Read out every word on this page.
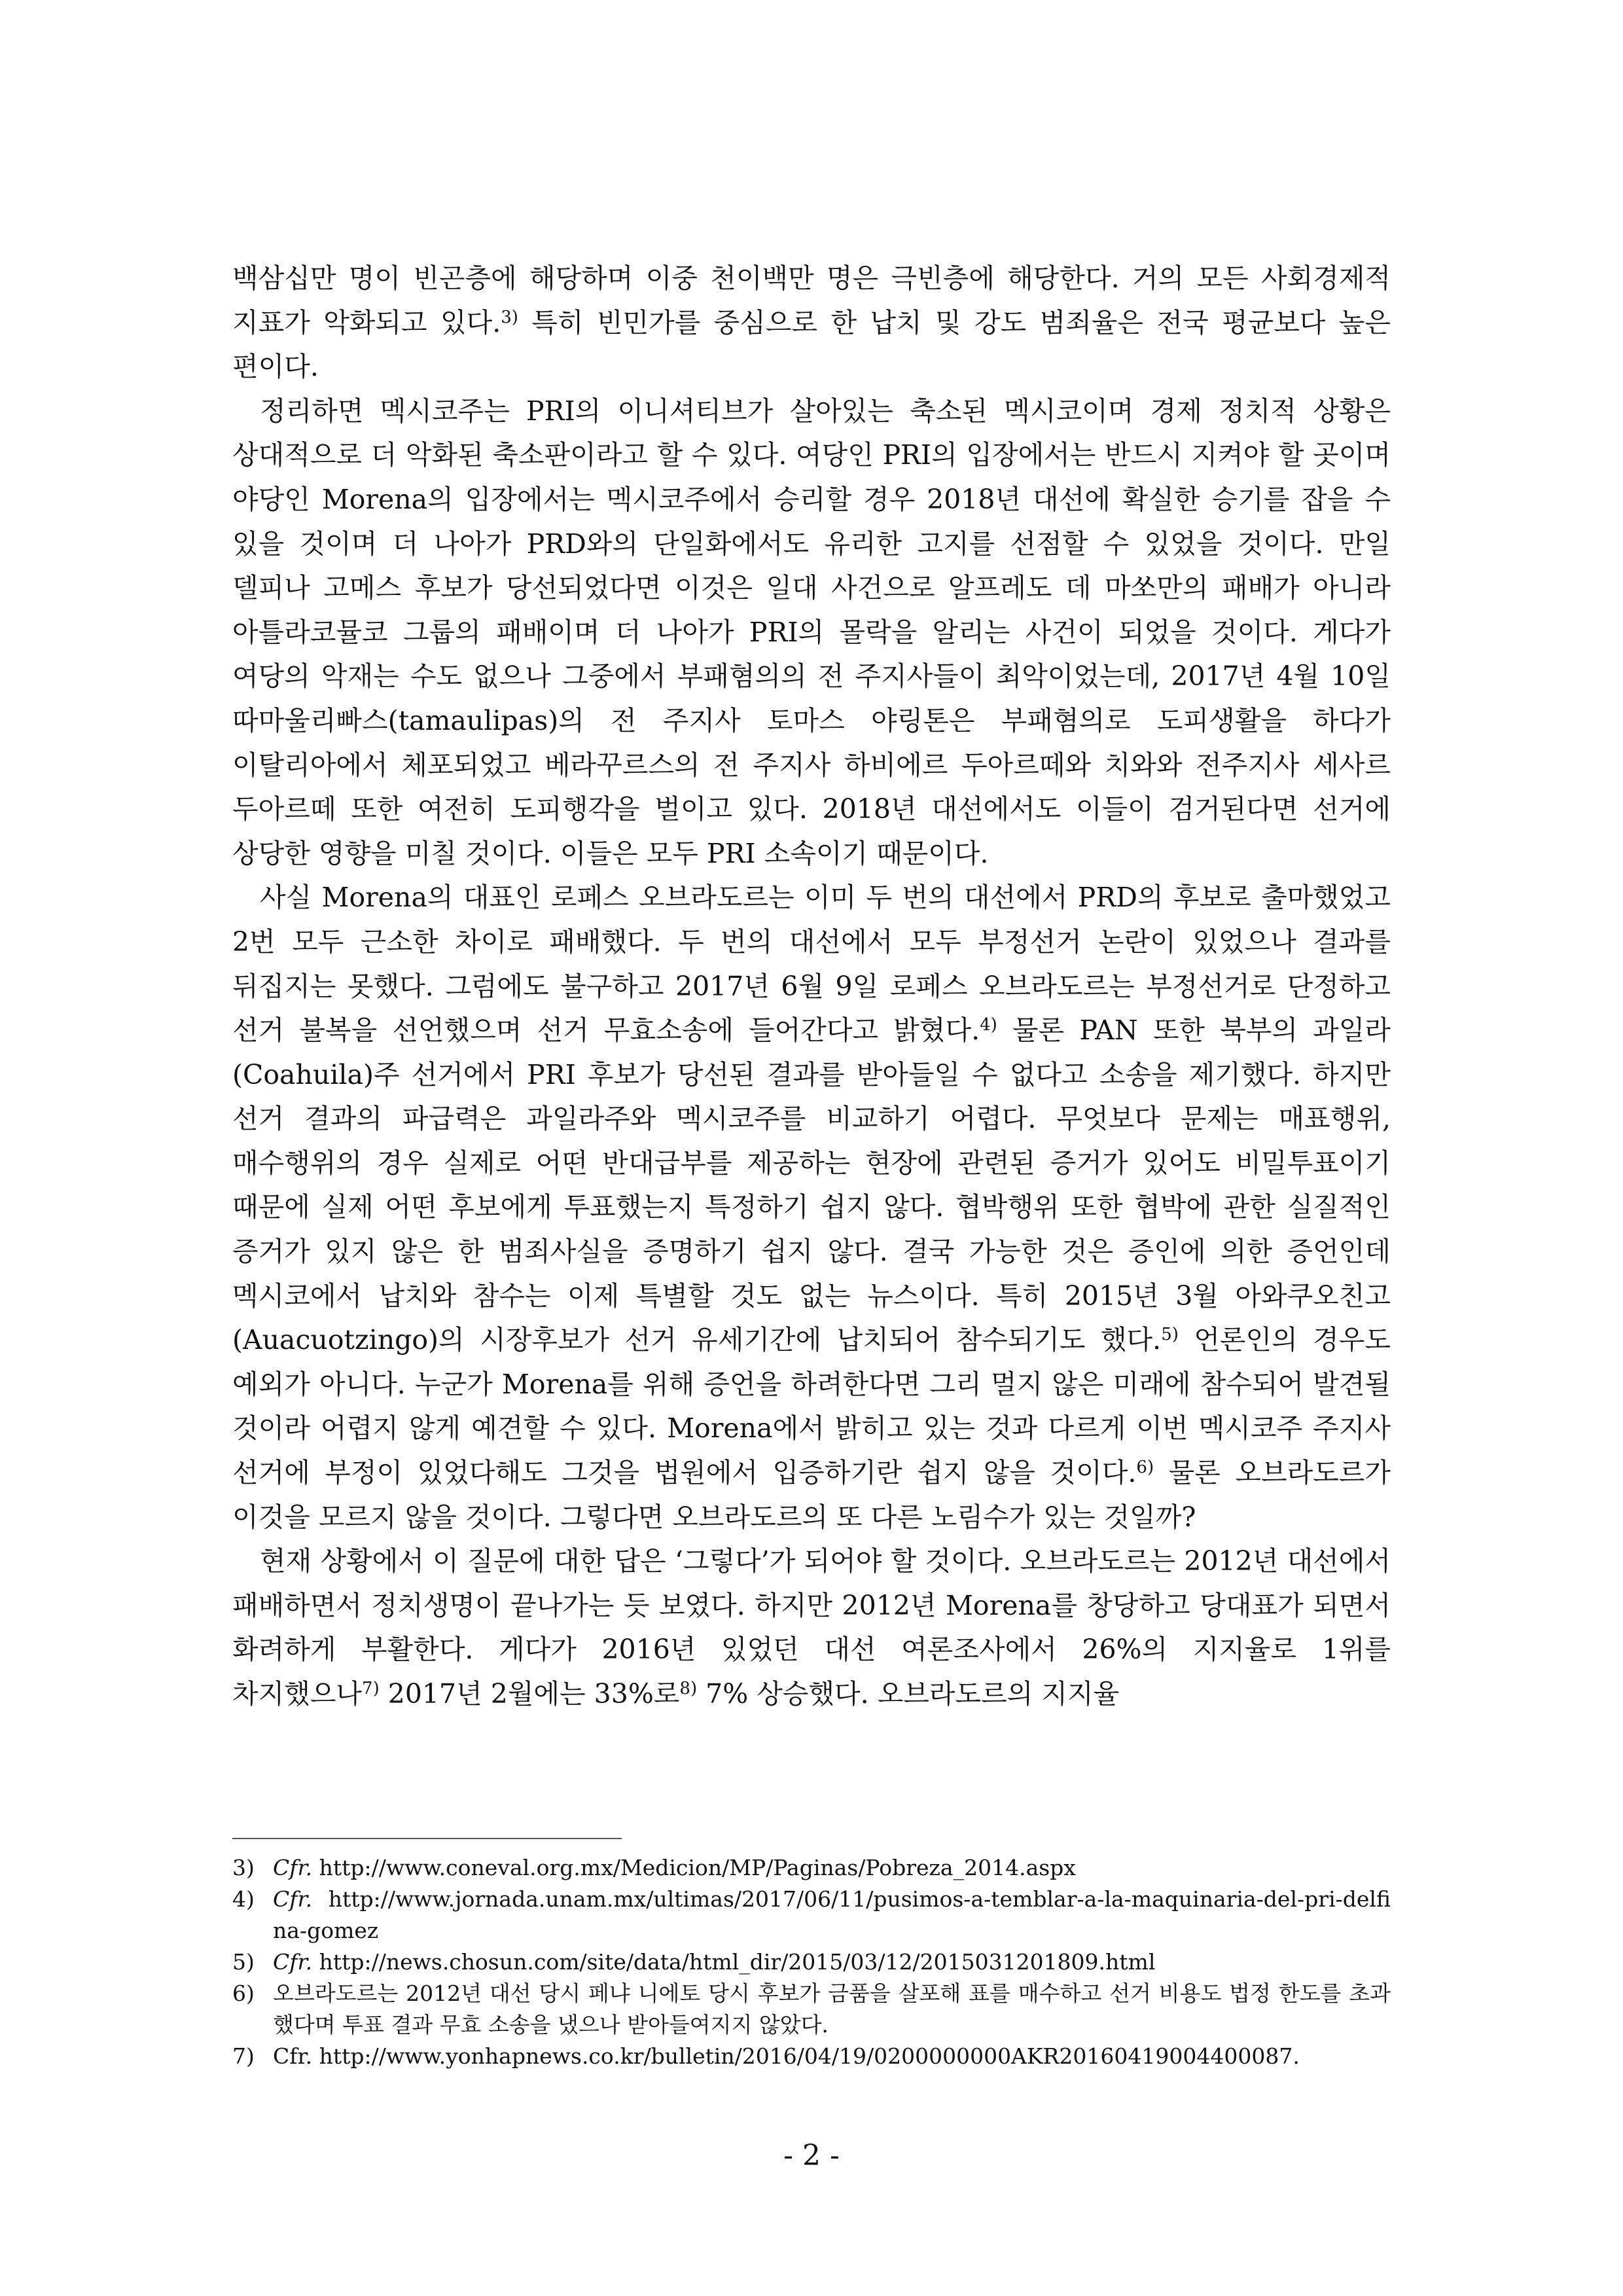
백삼십만 명이 빈곤층에 해당하며 이중 천이백만 명은 극빈층에 해당한다. 거의 모든 사회경제적 지표가 악화되고 있다.$^{3)}$ 특히 빈민가를 중심으로 한 납치 및 강도 범죄율은 전국 평균보다 높은 편이다.

정리하면 멕시코주는 PRI의 이니셔티브가 살아있는 축소된 멕시코이며 경제 정치적 상황은 상대적으로 더 악화된 축소판이라고 할 수 있다. 여당인 PRI의 입장에서는 반드시 지켜야 할 곳이며 야당인 Morena의 입장에서는 멕시코주에서 승리할 경우 2018년 대선에 확실한 승기를 잡을 수 있을 것이며 더 나아가 PRD와의 단일화에서도 유리한 고지를 선점할 수 있었을 것이다. 만일 델피나 고메스 후보가 당선되었다면 이것은 일대 사건으로 알프레도 데 마쏘만의 패배가 아니라 아틀라코뮬코 그룹의 패배이며 더 나아가 PRI의 몰락을 알리는 사건이 되었을 것이다. 게다가 여당의 악재는 수도 없으나 그중에서 부패혐의의 전 주지사들이 최악이었는데, 2017년 4월 10일 따마울리빠스(tamaulipas)의 전 주지사 토마스 야링톤은 부패혐의로 도피생활을 하다가 이탈리아에서 체포되었고 베라꾸르스의 전 주지사 하비에르 두아르떼와 치와와 전주지사 세사르 두아르떼 또한 여전히 도피행각을 벌이고 있다. 2018년 대선에서도 이들이 검거된다면 선거에 상당한 영향을 미칠 것이다. 이들은 모두 PRI 소속이기 때문이다.

사실 Morena의 대표인 로페스 오브라도르는 이미 두 번의 대선에서 PRD의 후보로 출마했었고 2번 모두 근소한 차이로 패배했다. 두 번의 대선에서 모두 부정선거 논란이 있었으나 결과를 뒤집지는 못했다. 그럼에도 불구하고 2017년 6월 9일 로페스 오브라도르는 부정선거로 단정하고 선거 불복을 선언했으며 선거 무효소송에 들어간다고 밝혔다.$^{4)}$ 물론 PAN 또한 북부의 과일라(Coahuila)주 선거에서 PRI 후보가 당선된 결과를 받아들일 수 없다고 소송을 제기했다. 하지만 선거 결과의 파급력은 과일라주와 멕시코주를 비교하기 어렵다. 무엇보다 문제는 매표행위, 매수행위의 경우 실제로 어떤 반대급부를 제공하는 현장에 관련된 증거가 있어도 비밀투표이기 때문에 실제 어떤 후보에게 투표했는지 특정하기 쉽지 않다. 협박행위 또한 협박에 관한 실질적인 증거가 있지 않은 한 범죄사실을 증명하기 쉽지 않다. 결국 가능한 것은 증인에 의한 증언인데 멕시코에서 납치와 참수는 이제 특별할 것도 없는 뉴스이다. 특히 2015년 3월 아와쿠오친고(Auacuotzingo)의 시장후보가 선거 유세기간에 납치되어 참수되기도 했다.$^{5)}$ 언론인의 경우도 예외가 아니다. 누군가 Morena를 위해 증언을 하려한다면 그리 멀지 않은 미래에 참수되어 발견될 것이라 어렵지 않게 예견할 수 있다. Morena에서 밝히고 있는 것과 다르게 이번 멕시코주 주지사 선거에 부정이 있었다해도 그것을 법원에서 입증하기란 쉽지 않을 것이다.$^{6)}$ 물론 오브라도르가 이것을 모르지 않을 것이다. 그렇다면 오브라도르의 또 다른 노림수가 있는 것일까?

현재 상황에서 이 질문에 대한 답은 ‘그렇다’가 되어야 할 것이다. 오브라도르는 2012년 대선에서 패배하면서 정치생명이 끝나가는 듯 보였다. 하지만 2012년 Morena를 창당하고 당대표가 되면서 화려하게 부활한다. 게다가 2016년 있었던 대선 여론조사에서 26%의 지지율로 1위를 차지했으나$^{7)}$ 2017년 2월에는 33%로$^{8)}$ 7% 상승했다. 오브라도르의 지지율

3) Cfr. http://www.coneval.org.mx/Medicion/MP/Paginas/Pobreza_2014.aspx
4) Cfr. http://www.jornada.unam.mx/ultimas/2017/06/11/pusimos-a-temblar-a-la-maquinaria-del-pri-delfina-gomez
5) Cfr. http://news.chosun.com/site/data/html_dir/2015/03/12/2015031201809.html
6) 오브라도르는 2012년 대선 당시 페냐 니에토 당시 후보가 금품을 살포해 표를 매수하고 선거 비용도 법정 한도를 초과했다며 투표 결과 무효 소송을 냈으나 받아들여지지 않았다.
7) Cfr. http://www.yonhapnews.co.kr/bulletin/2016/04/19/0200000000AKR20160419004400087.
- 2 -
